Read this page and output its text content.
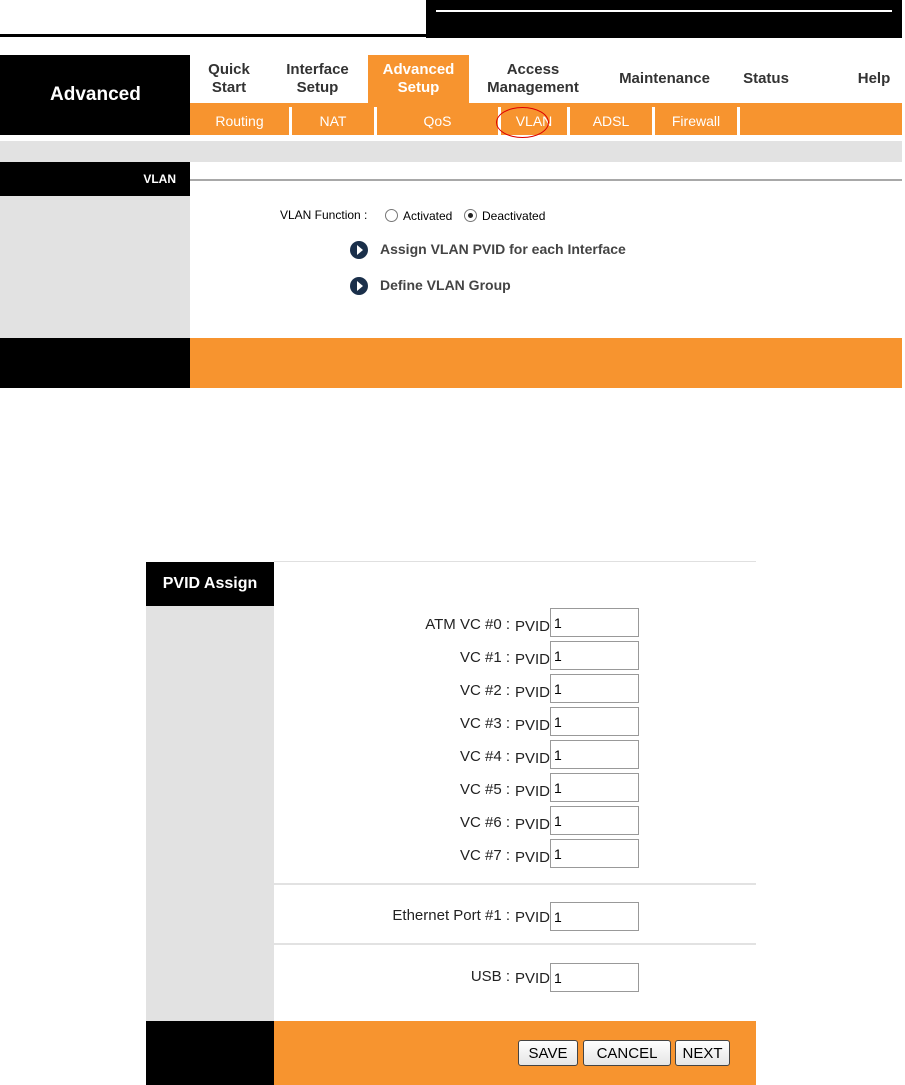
Advanced
Quick
Start
Interface
Setup
Advanced
Setup
Access
Management
Maintenance	Status	Help
Routing	NAT	QoS	VLAN	ADSL	Firewall
VLAN
VLAN Function :	Activated Deactivated
Assign VLAN PVID for each Interface
Define VLAN Group
PVID Assign
ATM VC #0 : PVID
1
VC #1 : PVID
1
VC #2 : PVID
1
VC #3 : PVID
1
VC #4 : PVID
1
VC #5 : PVID
1
VC #6 : PVID
1
VC #7 : PVID
1
Ethernet Port #1 : PVID
1
USB : PVID
1
SAVE	CANCEL	NEXT
